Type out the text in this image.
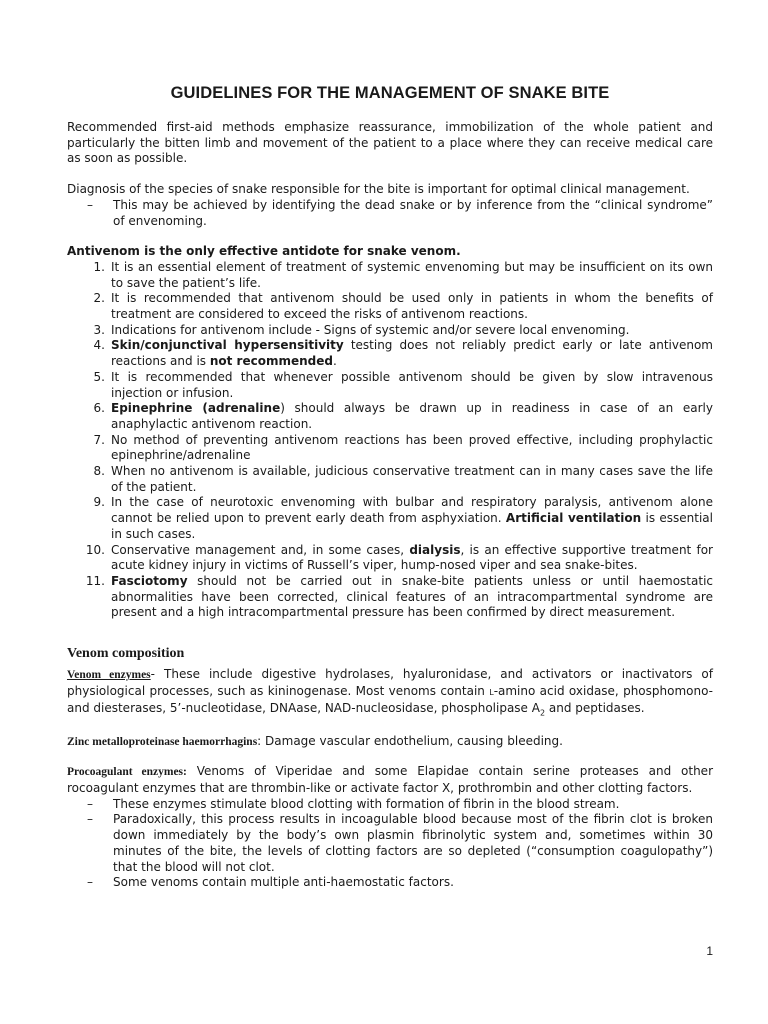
GUIDELINES FOR THE MANAGEMENT OF SNAKE BITE

Recommended first-aid methods emphasize reassurance, immobilization of the whole patient and particularly the bitten limb and movement of the patient to a place where they can receive medical care as soon as possible.

Diagnosis of the species of snake responsible for the bite is important for optimal clinical management.

–	This may be achieved by identifying the dead snake or by inference from the “clinical syndrome” of envenoming.

Antivenom is the only effective antidote for snake venom.

1. It is an essential element of treatment of systemic envenoming but may be insufficient on its own to save the patient’s life.
2. It is recommended that antivenom should be used only in patients in whom the benefits of treatment are considered to exceed the risks of antivenom reactions.
3. Indications for antivenom include - Signs of systemic and/or severe local envenoming.
4. Skin/conjunctival hypersensitivity testing does not reliably predict early or late antivenom reactions and is not recommended.
5. It is recommended that whenever possible antivenom should be given by slow intravenous injection or infusion.
6. Epinephrine (adrenaline) should always be drawn up in readiness in case of an early anaphylactic antivenom reaction.
7. No method of preventing antivenom reactions has been proved effective, including prophylactic epinephrine/adrenaline
8. When no antivenom is available, judicious conservative treatment can in many cases save the life of the patient.
9. In the case of neurotoxic envenoming with bulbar and respiratory paralysis, antivenom alone cannot be relied upon to prevent early death from asphyxiation. Artificial ventilation is essential in such cases.
10. Conservative management and, in some cases, dialysis, is an effective supportive treatment for acute kidney injury in victims of Russell’s viper, hump-nosed viper and sea snake-bites.
11. Fasciotomy should not be carried out in snake-bite patients unless or until haemostatic abnormalities have been corrected, clinical features of an intracompartmental syndrome are present and a high intracompartmental pressure has been confirmed by direct measurement.
Venom composition

Venom enzymes- These include digestive hydrolases, hyaluronidase, and activators or inactivators of physiological processes, such as kininogenase. Most venoms contain L-amino acid oxidase, phosphomono- and diesterases, 5’-nucleotidase, DNAase, NAD-nucleosidase, phospholipase $A_2$ and peptidases.

Zinc metalloproteinase haemorrhagins: Damage vascular endothelium, causing bleeding.

Procoagulant enzymes: Venoms of Viperidae and some Elapidae contain serine proteases and other rocoagulant enzymes that are thrombin-like or activate factor X, prothrombin and other clotting factors.

–	These enzymes stimulate blood clotting with formation of fibrin in the blood stream.
–	Paradoxically, this process results in incoagulable blood because most of the fibrin clot is broken down immediately by the body’s own plasmin fibrinolytic system and, sometimes within 30 minutes of the bite, the levels of clotting factors are so depleted (“consumption coagulopathy”) that the blood will not clot.
–	Some venoms contain multiple anti-haemostatic factors.
1
